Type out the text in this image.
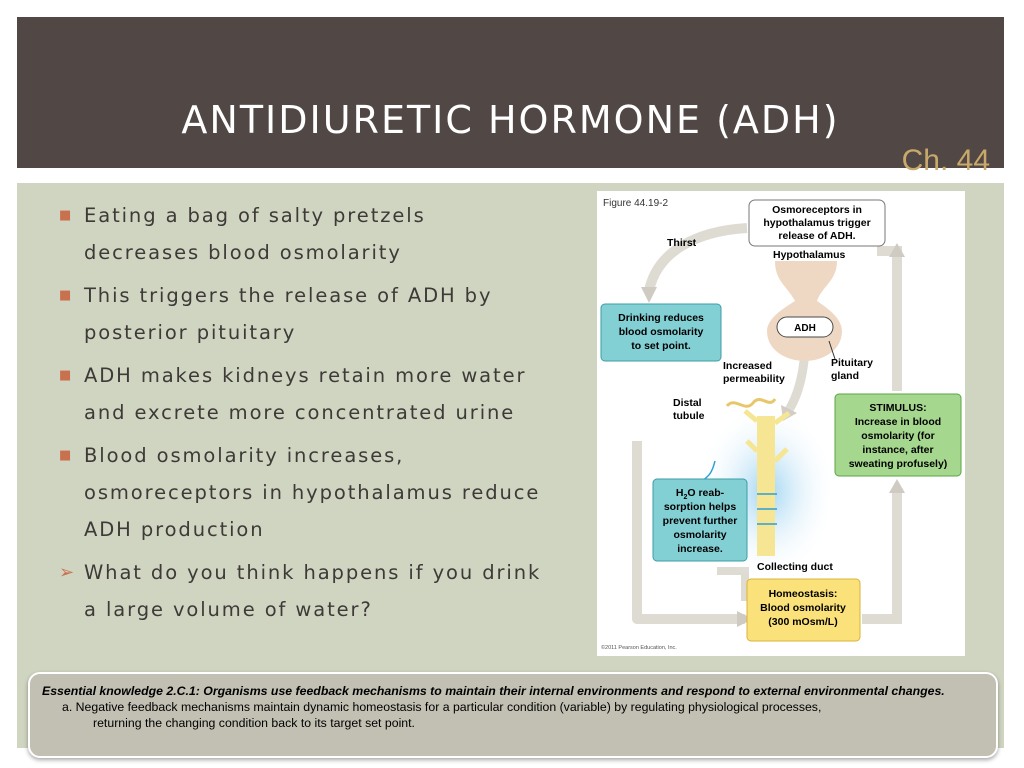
ANTIDIURETIC HORMONE (ADH)
Ch. 44
■ Eating a bag of salty pretzels decreases blood osmolarity
■ This triggers the release of ADH by posterior pituitary
■ ADH makes kidneys retain more water and excrete more concentrated urine
■ Blood osmolarity increases, osmoreceptors in hypothalamus reduce ADH production
➢ What do you think happens if you drink a large volume of water?
Figure 44.19-2
Osmoreceptors in
hypothalamus trigger
release of ADH.
Thirst
Hypothalamus
Drinking reduces
blood osmolarity
to set point.
ADH
Increased
permeability
Pituitary
gland
Distal
tubule
STIMULUS:
Increase in blood
osmolarity (for
instance, after
sweating profusely)
$H_2O$ reab-
sorption helps
prevent further
osmolarity
increase.
Collecting duct
Homeostasis:
Blood osmolarity
(300 mOsm/L)
©2011 Pearson Education, Inc.
Essential knowledge 2.C.1: Organisms use feedback mechanisms to maintain their internal environments and respond to external environmental changes.
a. Negative feedback mechanisms maintain dynamic homeostasis for a particular condition (variable) by regulating physiological processes,
returning the changing condition back to its target set point.
